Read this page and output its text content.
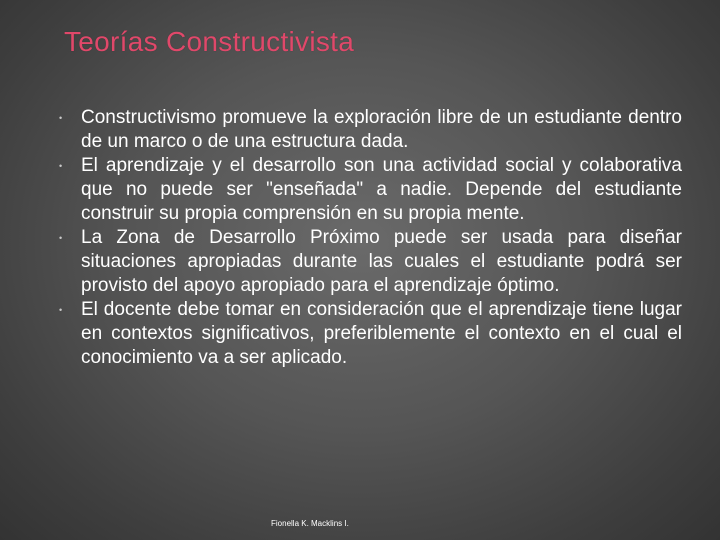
Teorías Constructivista
• Constructivismo promueve la exploración libre de un estudiante dentro de un marco o de una estructura dada.
• El aprendizaje y el desarrollo son una actividad social y colaborativa que no puede ser "enseñada" a nadie. Depende del estudiante construir su propia comprensión en su propia mente.
• La Zona de Desarrollo Próximo puede ser usada para diseñar situaciones apropiadas durante las cuales el estudiante podrá ser provisto del apoyo apropiado para el aprendizaje óptimo.
• El docente debe tomar en consideración que el aprendizaje tiene lugar en contextos significativos, preferiblemente el contexto en el cual el conocimiento va a ser aplicado.
Fionella K. Macklins I.
